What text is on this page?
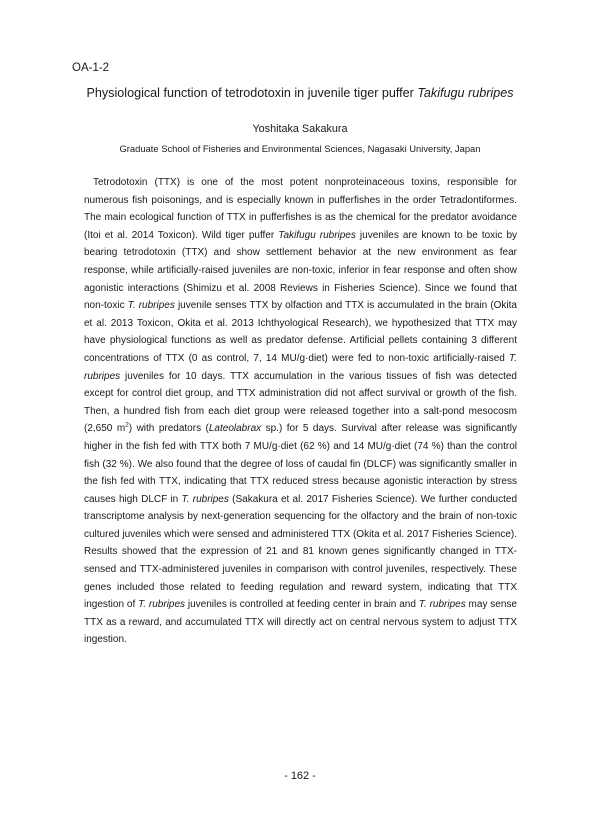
OA-1-2
Physiological function of tetrodotoxin in juvenile tiger puffer Takifugu rubripes
Yoshitaka Sakakura
Graduate School of Fisheries and Environmental Sciences, Nagasaki University, Japan

Tetrodotoxin (TTX) is one of the most potent nonproteinaceous toxins, responsible for numerous fish poisonings, and is especially known in pufferfishes in the order Tetradontiformes. The main ecological function of TTX in pufferfishes is as the chemical for the predator avoidance (Itoi et al. 2014 Toxicon). Wild tiger puffer Takifugu rubripes juveniles are known to be toxic by bearing tetrodotoxin (TTX) and show settlement behavior at the new environment as fear response, while artificially-raised juveniles are non-toxic, inferior in fear response and often show agonistic interactions (Shimizu et al. 2008 Reviews in Fisheries Science). Since we found that non-toxic T. rubripes juvenile senses TTX by olfaction and TTX is accumulated in the brain (Okita et al. 2013 Toxicon, Okita et al. 2013 Ichthyological Research), we hypothesized that TTX may have physiological functions as well as predator defense. Artificial pellets containing 3 different concentrations of TTX (0 as control, 7, 14 MU/g·diet) were fed to non-toxic artificially-raised T. rubripes juveniles for 10 days. TTX accumulation in the various tissues of fish was detected except for control diet group, and TTX administration did not affect survival or growth of the fish. Then, a hundred fish from each diet group were released together into a salt-pond mesocosm (2,650 $m^2$) with predators (Lateolabrax sp.) for 5 days. Survival after release was significantly higher in the fish fed with TTX both 7 MU/g·diet (62 %) and 14 MU/g·diet (74 %) than the control fish (32 %). We also found that the degree of loss of caudal fin (DLCF) was significantly smaller in the fish fed with TTX, indicating that TTX reduced stress because agonistic interaction by stress causes high DLCF in T. rubripes (Sakakura et al. 2017 Fisheries Science). We further conducted transcriptome analysis by next-generation sequencing for the olfactory and the brain of non-toxic cultured juveniles which were sensed and administered TTX (Okita et al. 2017 Fisheries Science). Results showed that the expression of 21 and 81 known genes significantly changed in TTX-sensed and TTX-administered juveniles in comparison with control juveniles, respectively. These genes included those related to feeding regulation and reward system, indicating that TTX ingestion of T. rubripes juveniles is controlled at feeding center in brain and T. rubripes may sense TTX as a reward, and accumulated TTX will directly act on central nervous system to adjust TTX ingestion.

- 162 -
